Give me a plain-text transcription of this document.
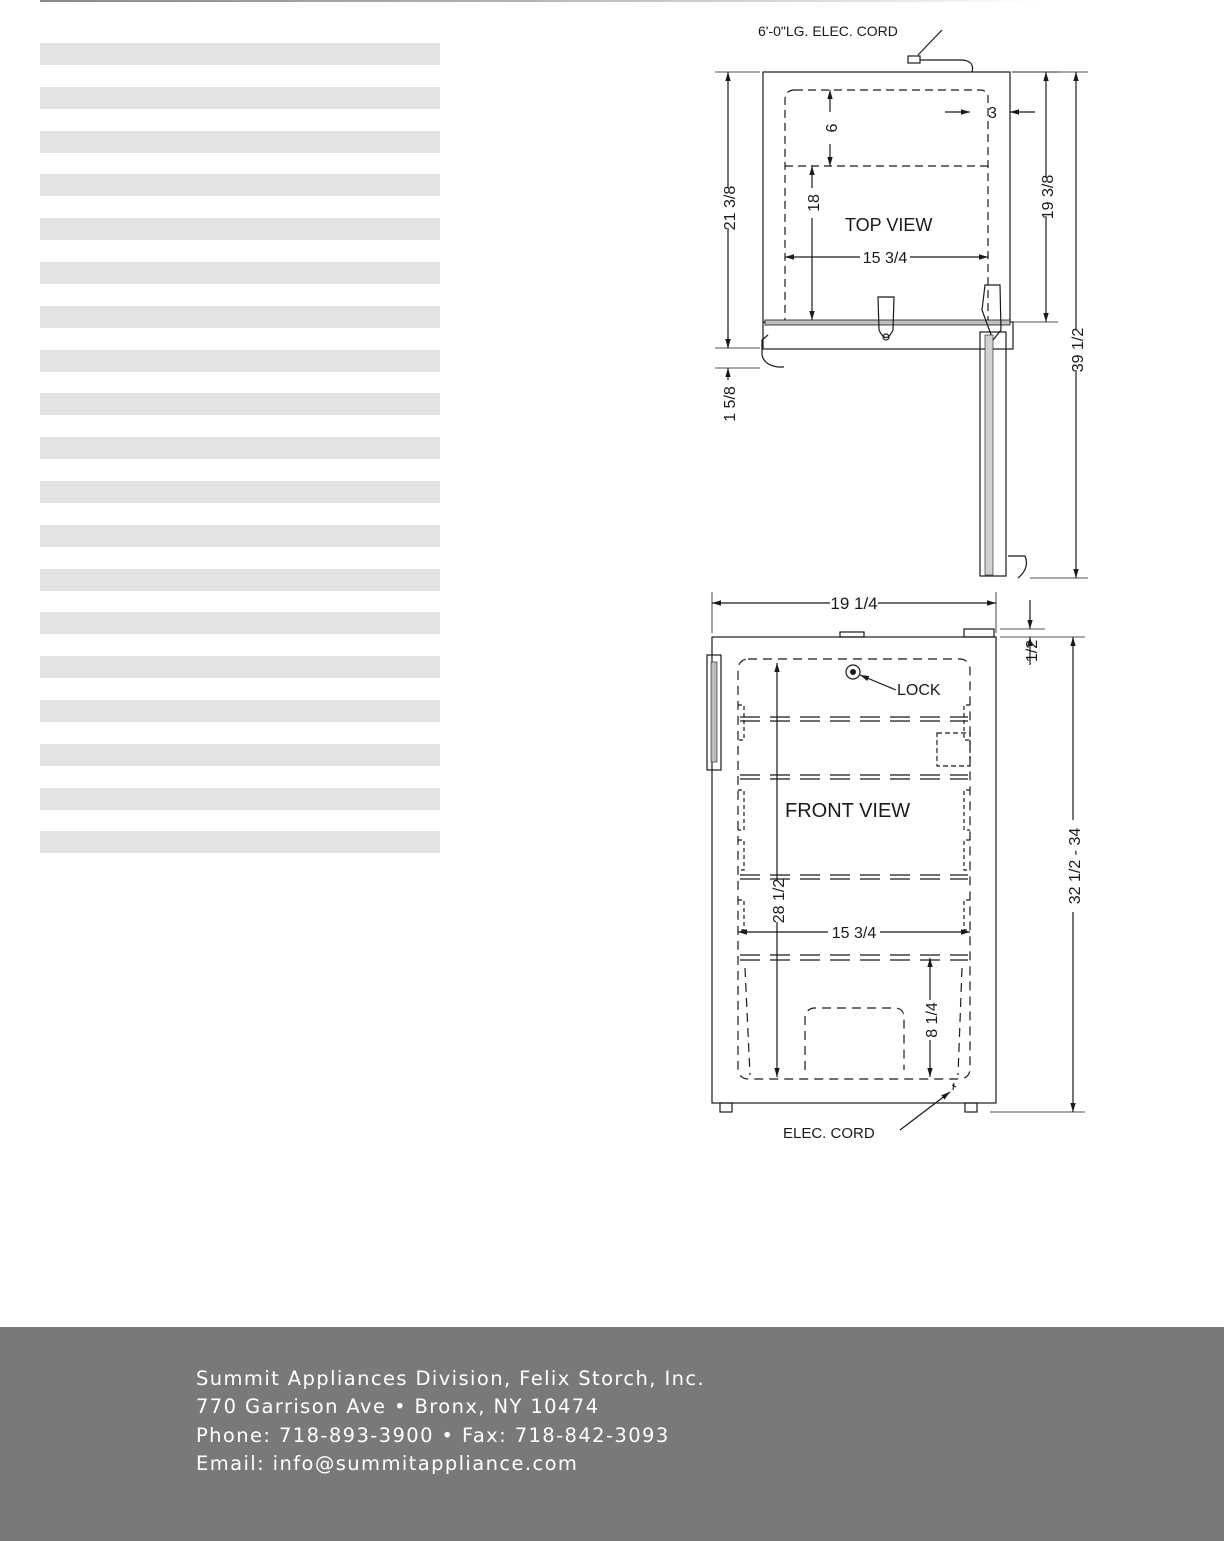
6'-0"LG. ELEC. CORD
TOP VIEW
3
6
18
21 3/8	19 3/8
39 1/2
1 5/8
15 3/4
19 1/4
LOCK
FRONT VIEW
15 3/4
ELEC. CORD
1/2
32 1/2 - 34
28 1/2
8 1/4
Summit Appliances Division, Felix Storch, Inc.
770 Garrison Ave • Bronx, NY 10474
Phone: 718-893-3900 • Fax: 718-842-3093
Email: info@summitappliance.com
